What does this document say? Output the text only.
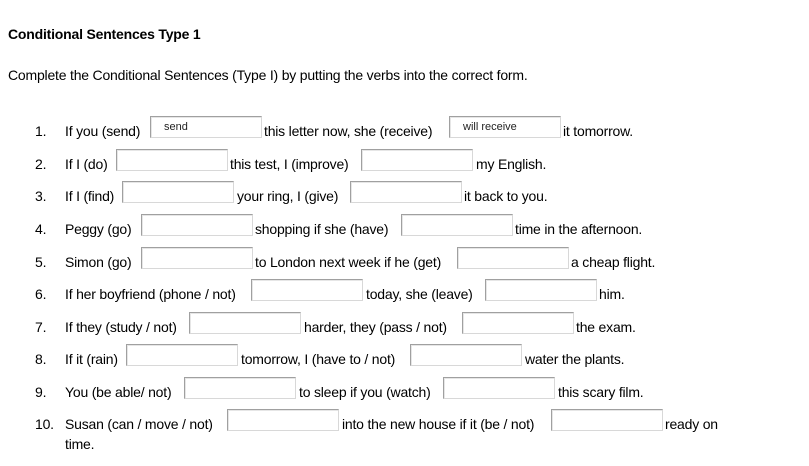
Conditional Sentences Type 1
Complete the Conditional Sentences (Type I) by putting the verbs into the correct form.
1. If you (send)
send	this letter now, she (receive)
will receive	it tomorrow.
2. If I (do)	this test, I (improve)	my English.
3. If I (find)	your ring, I (give)	it back to you.
4. Peggy (go)	shopping if she (have)	time in the afternoon.
5. Simon (go)	to London next week if he (get)	a cheap flight.
6. If her boyfriend (phone / not)	today, she (leave)	him.
7. If they (study / not)	harder, they (pass / not)	the exam.
8. If it (rain)	tomorrow, I (have to / not)	water the plants.
9. You (be able/ not)	to sleep if you (watch)	this scary film.
10. Susan (can / move / not)	into the new house if it (be / not)	ready on
time.
